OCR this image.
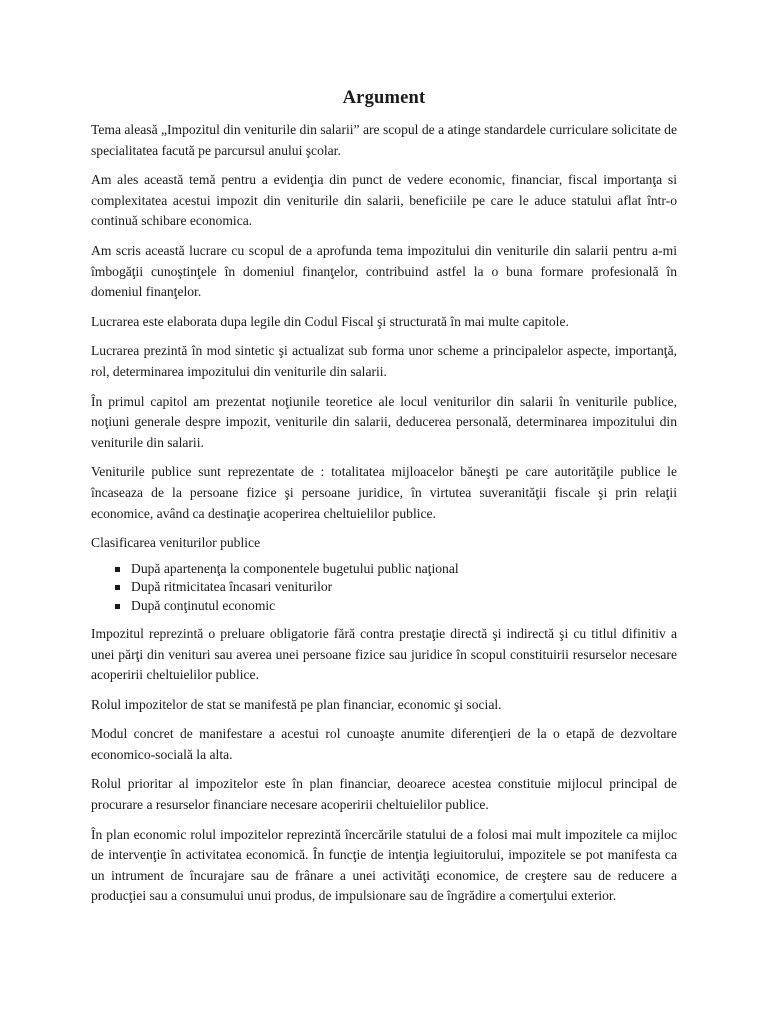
Argument

Tema aleasă „Impozitul din veniturile din salarii” are scopul de a atinge standardele curriculare solicitate de specialitatea facută pe parcursul anului şcolar.

Am ales această temă pentru a evidenţia din punct de vedere economic, financiar, fiscal importanţa si complexitatea acestui impozit din veniturile din salarii, beneficiile pe care le aduce statului aflat într-o continuă schibare economica.

Am scris această lucrare cu scopul de a aprofunda tema impozitului din veniturile din salarii pentru a-mi îmbogăţii cunoştinţele în domeniul finanţelor, contribuind astfel la o buna formare profesională în domeniul finanţelor.

Lucrarea este elaborata dupa legile din Codul Fiscal şi structurată în mai multe capitole.

Lucrarea prezintă în mod sintetic şi actualizat sub forma unor scheme a principalelor aspecte, importanţă, rol, determinarea impozitului din veniturile din salarii.

În primul capitol am prezentat noţiunile teoretice ale locul veniturilor din salarii în veniturile publice, noţiuni generale despre impozit, veniturile din salarii, deducerea personală, determinarea impozitului din veniturile din salarii.

Veniturile publice sunt reprezentate de : totalitatea mijloacelor băneşti pe care autorităţile publice le încaseaza de la persoane fizice şi persoane juridice, în virtutea suveranităţii fiscale şi prin relaţii economice, având ca destinaţie acoperirea cheltuielilor publice.

Clasificarea veniturilor publice

După apartenenţa la componentele bugetului public naţional
După ritmicitatea încasari veniturilor
După conţinutul economic

Impozitul reprezintă o preluare obligatorie fără contra prestaţie directă şi indirectă şi cu titlul difinitiv a unei părţi din venituri sau averea unei persoane fizice sau juridice în scopul constituirii resurselor necesare acoperirii cheltuielilor publice.

Rolul impozitelor de stat se manifestă pe plan financiar, economic şi social.

Modul concret de manifestare a acestui rol cunoaşte anumite diferenţieri de la o etapă de dezvoltare economico-socială la alta.

Rolul prioritar al impozitelor este în plan financiar, deoarece acestea constituie mijlocul principal de procurare a resurselor financiare necesare acoperirii cheltuielilor publice.

În plan economic rolul impozitelor reprezintă încercările statului de a folosi mai mult impozitele ca mijloc de intervenţie în activitatea economică. În funcţie de intenţia legiuitorului, impozitele se pot manifesta ca un intrument de încurajare sau de frânare a unei activităţi economice, de creştere sau de reducere a producţiei sau a consumului unui produs, de impulsionare sau de îngrădire a comerţului exterior.
